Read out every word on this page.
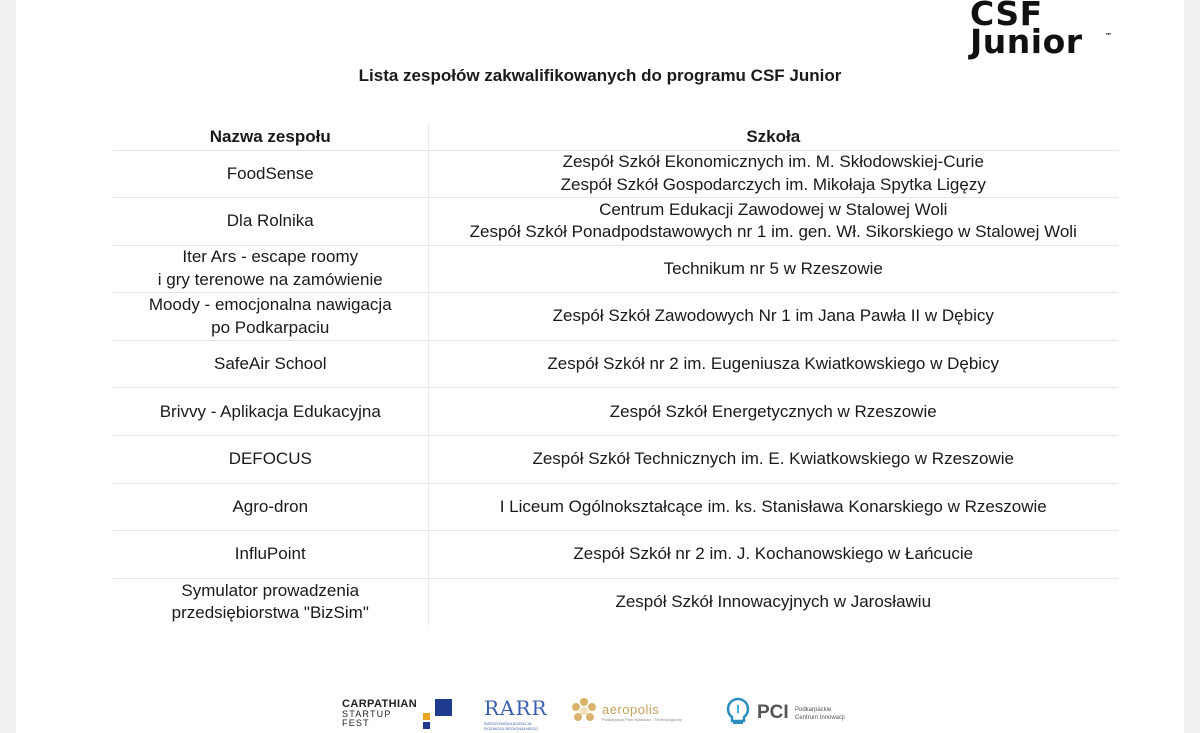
CSF
Junior	™
Lista zespołów zakwalifikowanych do programu CSF Junior
Nazwa zespołu	Szkoła

FoodSense	Zespół Szkół Ekonomicznych im. M. Skłodowskiej-Curie
Zespół Szkół Gospodarczych im. Mikołaja Spytka Ligęzy

Dla Rolnika	Centrum Edukacji Zawodowej w Stalowej Woli
Zespół Szkół Ponadpodstawowych nr 1 im. gen. Wł. Sikorskiego w Stalowej Woli

Iter Ars - escape roomy
i gry terenowe na zamówienie	Technikum nr 5 w Rzeszowie

Moody - emocjonalna nawigacja
po Podkarpaciu	Zespół Szkół Zawodowych Nr 1 im Jana Pawła II w Dębicy

SafeAir School	Zespół Szkół nr 2 im. Eugeniusza Kwiatkowskiego w Dębicy

Brivvy - Aplikacja Edukacyjna	Zespół Szkół Energetycznych w Rzeszowie

DEFOCUS	Zespół Szkół Technicznych im. E. Kwiatkowskiego w Rzeszowie

Agro-dron	I Liceum Ogólnokształcące im. ks. Stanisława Konarskiego w Rzeszowie

InfluPoint	Zespół Szkół nr 2 im. J. Kochanowskiego w Łańcucie

Symulator prowadzenia
przedsiębiorstwa "BizSim"	Zespół Szkół Innowacyjnych w Jarosławiu
CARPATHIAN
STARTUP
FEST
RARR
RZESZOWSKA AGENCJA ROZWOJU REGIONALNEGO
aeropolis
Podkarpacki Park Naukowo - Technologiczny	PCI Podkarpackie
Centrum Innowacji
